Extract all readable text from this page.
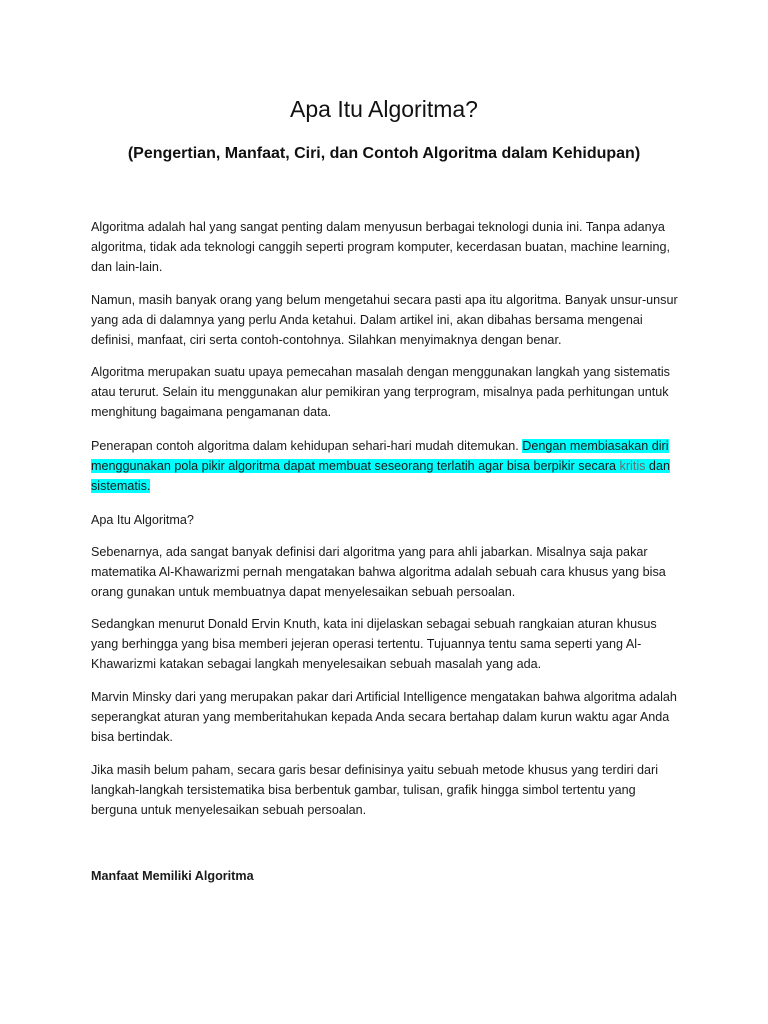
Apa Itu Algoritma?
(Pengertian, Manfaat, Ciri, dan Contoh Algoritma dalam Kehidupan)

Algoritma adalah hal yang sangat penting dalam menyusun berbagai teknologi dunia ini. Tanpa adanya algoritma, tidak ada teknologi canggih seperti program komputer, kecerdasan buatan, machine learning, dan lain-lain.

Namun, masih banyak orang yang belum mengetahui secara pasti apa itu algoritma. Banyak unsur-unsur yang ada di dalamnya yang perlu Anda ketahui. Dalam artikel ini, akan dibahas bersama mengenai definisi, manfaat, ciri serta contoh-contohnya. Silahkan menyimaknya dengan benar.

Algoritma merupakan suatu upaya pemecahan masalah dengan menggunakan langkah yang sistematis atau terurut. Selain itu menggunakan alur pemikiran yang terprogram, misalnya pada perhitungan untuk menghitung bagaimana pengamanan data.

Penerapan contoh algoritma dalam kehidupan sehari-hari mudah ditemukan. Dengan membiasakan diri menggunakan pola pikir algoritma dapat membuat seseorang terlatih agar bisa berpikir secara kritis dan sistematis.

Apa Itu Algoritma?

Sebenarnya, ada sangat banyak definisi dari algoritma yang para ahli jabarkan. Misalnya saja pakar matematika Al-Khawarizmi pernah mengatakan bahwa algoritma adalah sebuah cara khusus yang bisa orang gunakan untuk membuatnya dapat menyelesaikan sebuah persoalan.

Sedangkan menurut Donald Ervin Knuth, kata ini dijelaskan sebagai sebuah rangkaian aturan khusus yang berhingga yang bisa memberi jejeran operasi tertentu. Tujuannya tentu sama seperti yang Al-Khawarizmi katakan sebagai langkah menyelesaikan sebuah masalah yang ada.

Marvin Minsky dari yang merupakan pakar dari Artificial Intelligence mengatakan bahwa algoritma adalah seperangkat aturan yang memberitahukan kepada Anda secara bertahap dalam kurun waktu agar Anda bisa bertindak.

Jika masih belum paham, secara garis besar definisinya yaitu sebuah metode khusus yang terdiri dari langkah-langkah tersistematika bisa berbentuk gambar, tulisan, grafik hingga simbol tertentu yang berguna untuk menyelesaikan sebuah persoalan.

Manfaat Memiliki Algoritma
